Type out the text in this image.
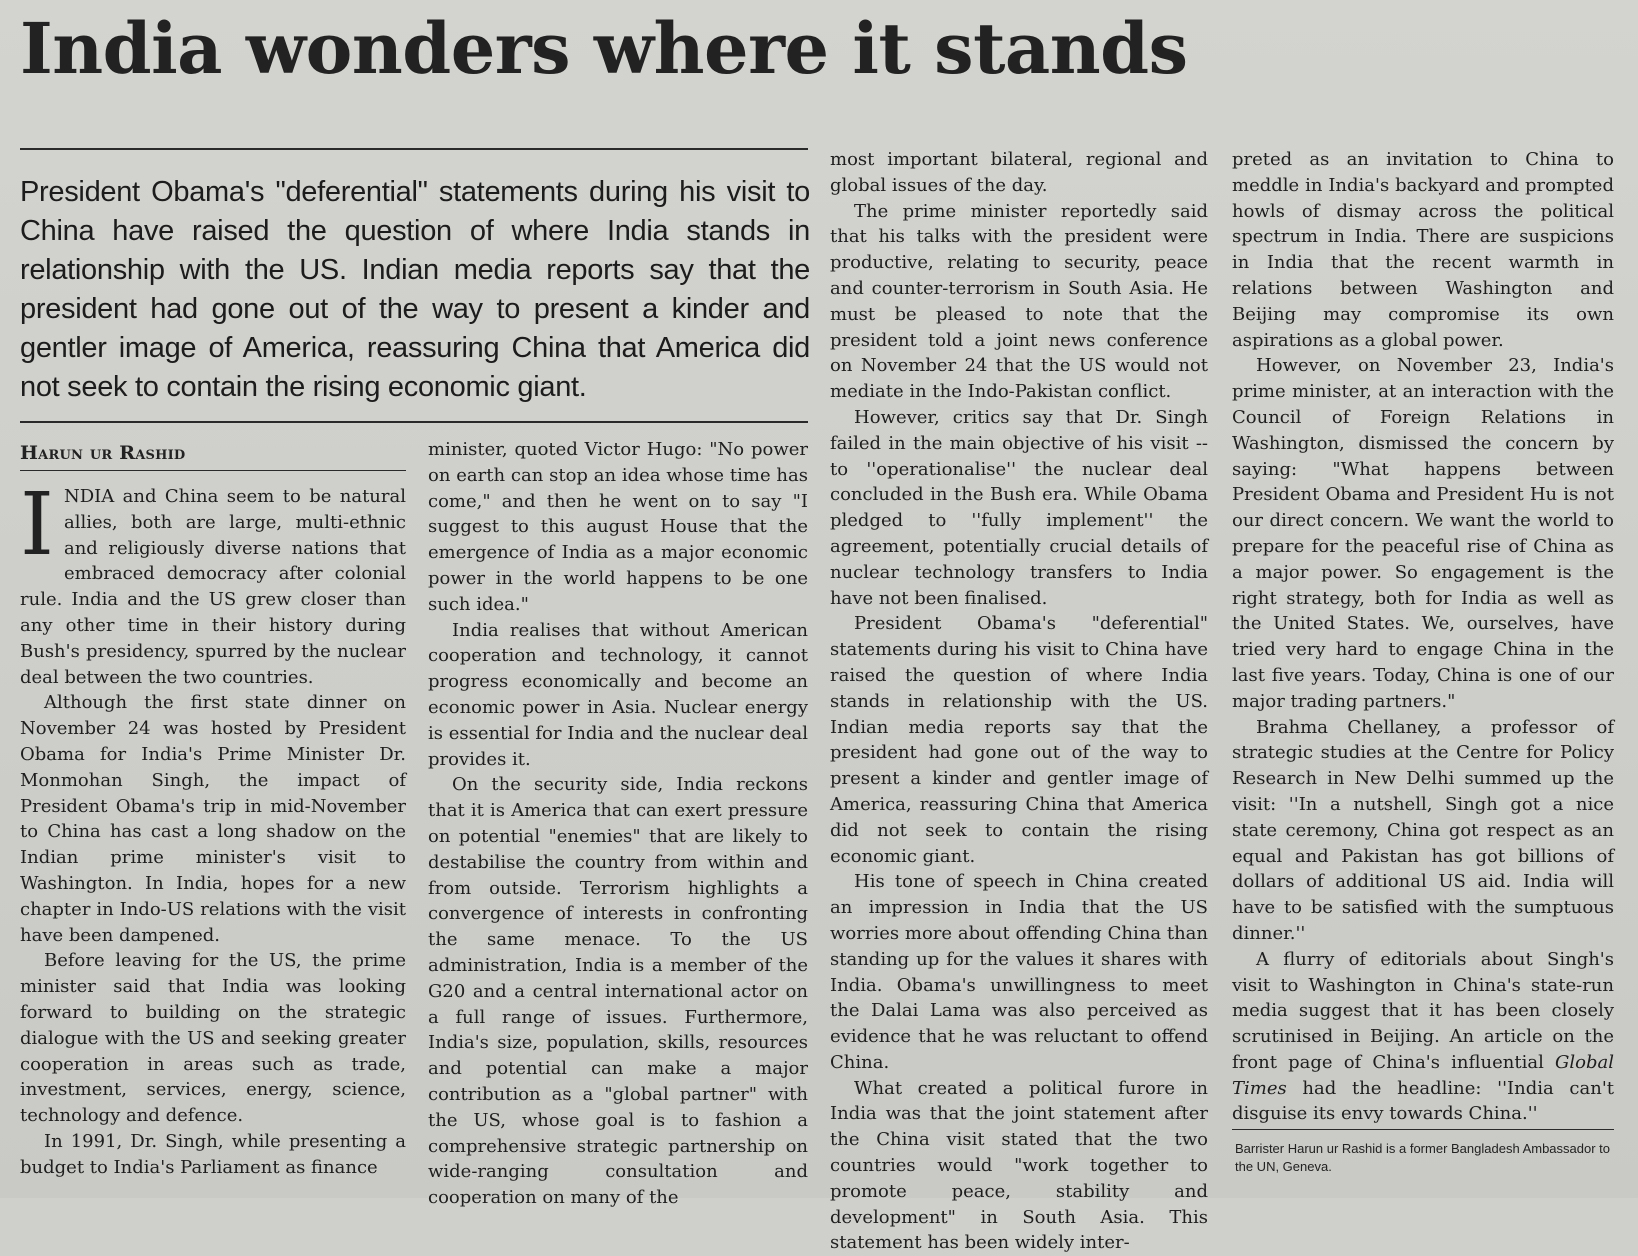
India wonders where it stands
President Obama's "deferential" statements during his visit to China have raised the question of where India stands in relationship with the US. Indian media reports say that the president had gone out of the way to present a kinder and gentler image of America, reassuring China that America did not seek to contain the rising economic giant.
Harun ur Rashid

INDIA and China seem to be natural allies, both are large, multi-ethnic and religiously diverse nations that embraced democracy after colonial rule. India and the US grew closer than any other time in their history during Bush's presidency, spurred by the nuclear deal between the two countries.

Although the first state dinner on November 24 was hosted by President Obama for India's Prime Minister Dr. Monmohan Singh, the impact of President Obama's trip in mid-November to China has cast a long shadow on the Indian prime minister's visit to Washington. In India, hopes for a new chapter in Indo-US relations with the visit have been dampened.

Before leaving for the US, the prime minister said that India was looking forward to building on the strategic dialogue with the US and seeking greater cooperation in areas such as trade, investment, services, energy, science, technology and defence.

In 1991, Dr. Singh, while presenting a budget to India's Parliament as finance

minister, quoted Victor Hugo: "No power on earth can stop an idea whose time has come," and then he went on to say "I suggest to this august House that the emergence of India as a major economic power in the world happens to be one such idea."

India realises that without American cooperation and technology, it cannot progress economically and become an economic power in Asia. Nuclear energy is essential for India and the nuclear deal provides it.

On the security side, India reckons that it is America that can exert pressure on potential "enemies" that are likely to destabilise the country from within and from outside. Terrorism highlights a convergence of interests in confronting the same menace. To the US administration, India is a member of the G20 and a central international actor on a full range of issues. Furthermore, India's size, population, skills, resources and potential can make a major contribution as a "global partner" with the US, whose goal is to fashion a comprehensive strategic partnership on wide-ranging consultation and cooperation on many of the

most important bilateral, regional and global issues of the day.

The prime minister reportedly said that his talks with the president were productive, relating to security, peace and counter-terrorism in South Asia. He must be pleased to note that the president told a joint news conference on November 24 that the US would not mediate in the Indo-Pakistan conflict.

However, critics say that Dr. Singh failed in the main objective of his visit -- to ''operationalise'' the nuclear deal concluded in the Bush era. While Obama pledged to ''fully implement'' the agreement, potentially crucial details of nuclear technology transfers to India have not been finalised.

President Obama's "deferential" statements during his visit to China have raised the question of where India stands in relationship with the US. Indian media reports say that the president had gone out of the way to present a kinder and gentler image of America, reassuring China that America did not seek to contain the rising economic giant.

His tone of speech in China created an impression in India that the US worries more about offending China than standing up for the values it shares with India. Obama's unwillingness to meet the Dalai Lama was also perceived as evidence that he was reluctant to offend China.

What created a political furore in India was that the joint statement after the China visit stated that the two countries would "work together to promote peace, stability and development" in South Asia. This statement has been widely inter-

preted as an invitation to China to meddle in India's backyard and prompted howls of dismay across the political spectrum in India. There are suspicions in India that the recent warmth in relations between Washington and Beijing may compromise its own aspirations as a global power.

However, on November 23, India's prime minister, at an interaction with the Council of Foreign Relations in Washington, dismissed the concern by saying: "What happens between President Obama and President Hu is not our direct concern. We want the world to prepare for the peaceful rise of China as a major power. So engagement is the right strategy, both for India as well as the United States. We, ourselves, have tried very hard to engage China in the last five years. Today, China is one of our major trading partners."

Brahma Chellaney, a professor of strategic studies at the Centre for Policy Research in New Delhi summed up the visit: ''In a nutshell, Singh got a nice state ceremony, China got respect as an equal and Pakistan has got billions of dollars of additional US aid. India will have to be satisfied with the sumptuous dinner.''

A flurry of editorials about Singh's visit to Washington in China's state-run media suggest that it has been closely scrutinised in Beijing. An article on the front page of China's influential Global Times had the headline: ''India can't disguise its envy towards China.''

Barrister Harun ur Rashid is a former Bangladesh Ambassador to the UN, Geneva.
